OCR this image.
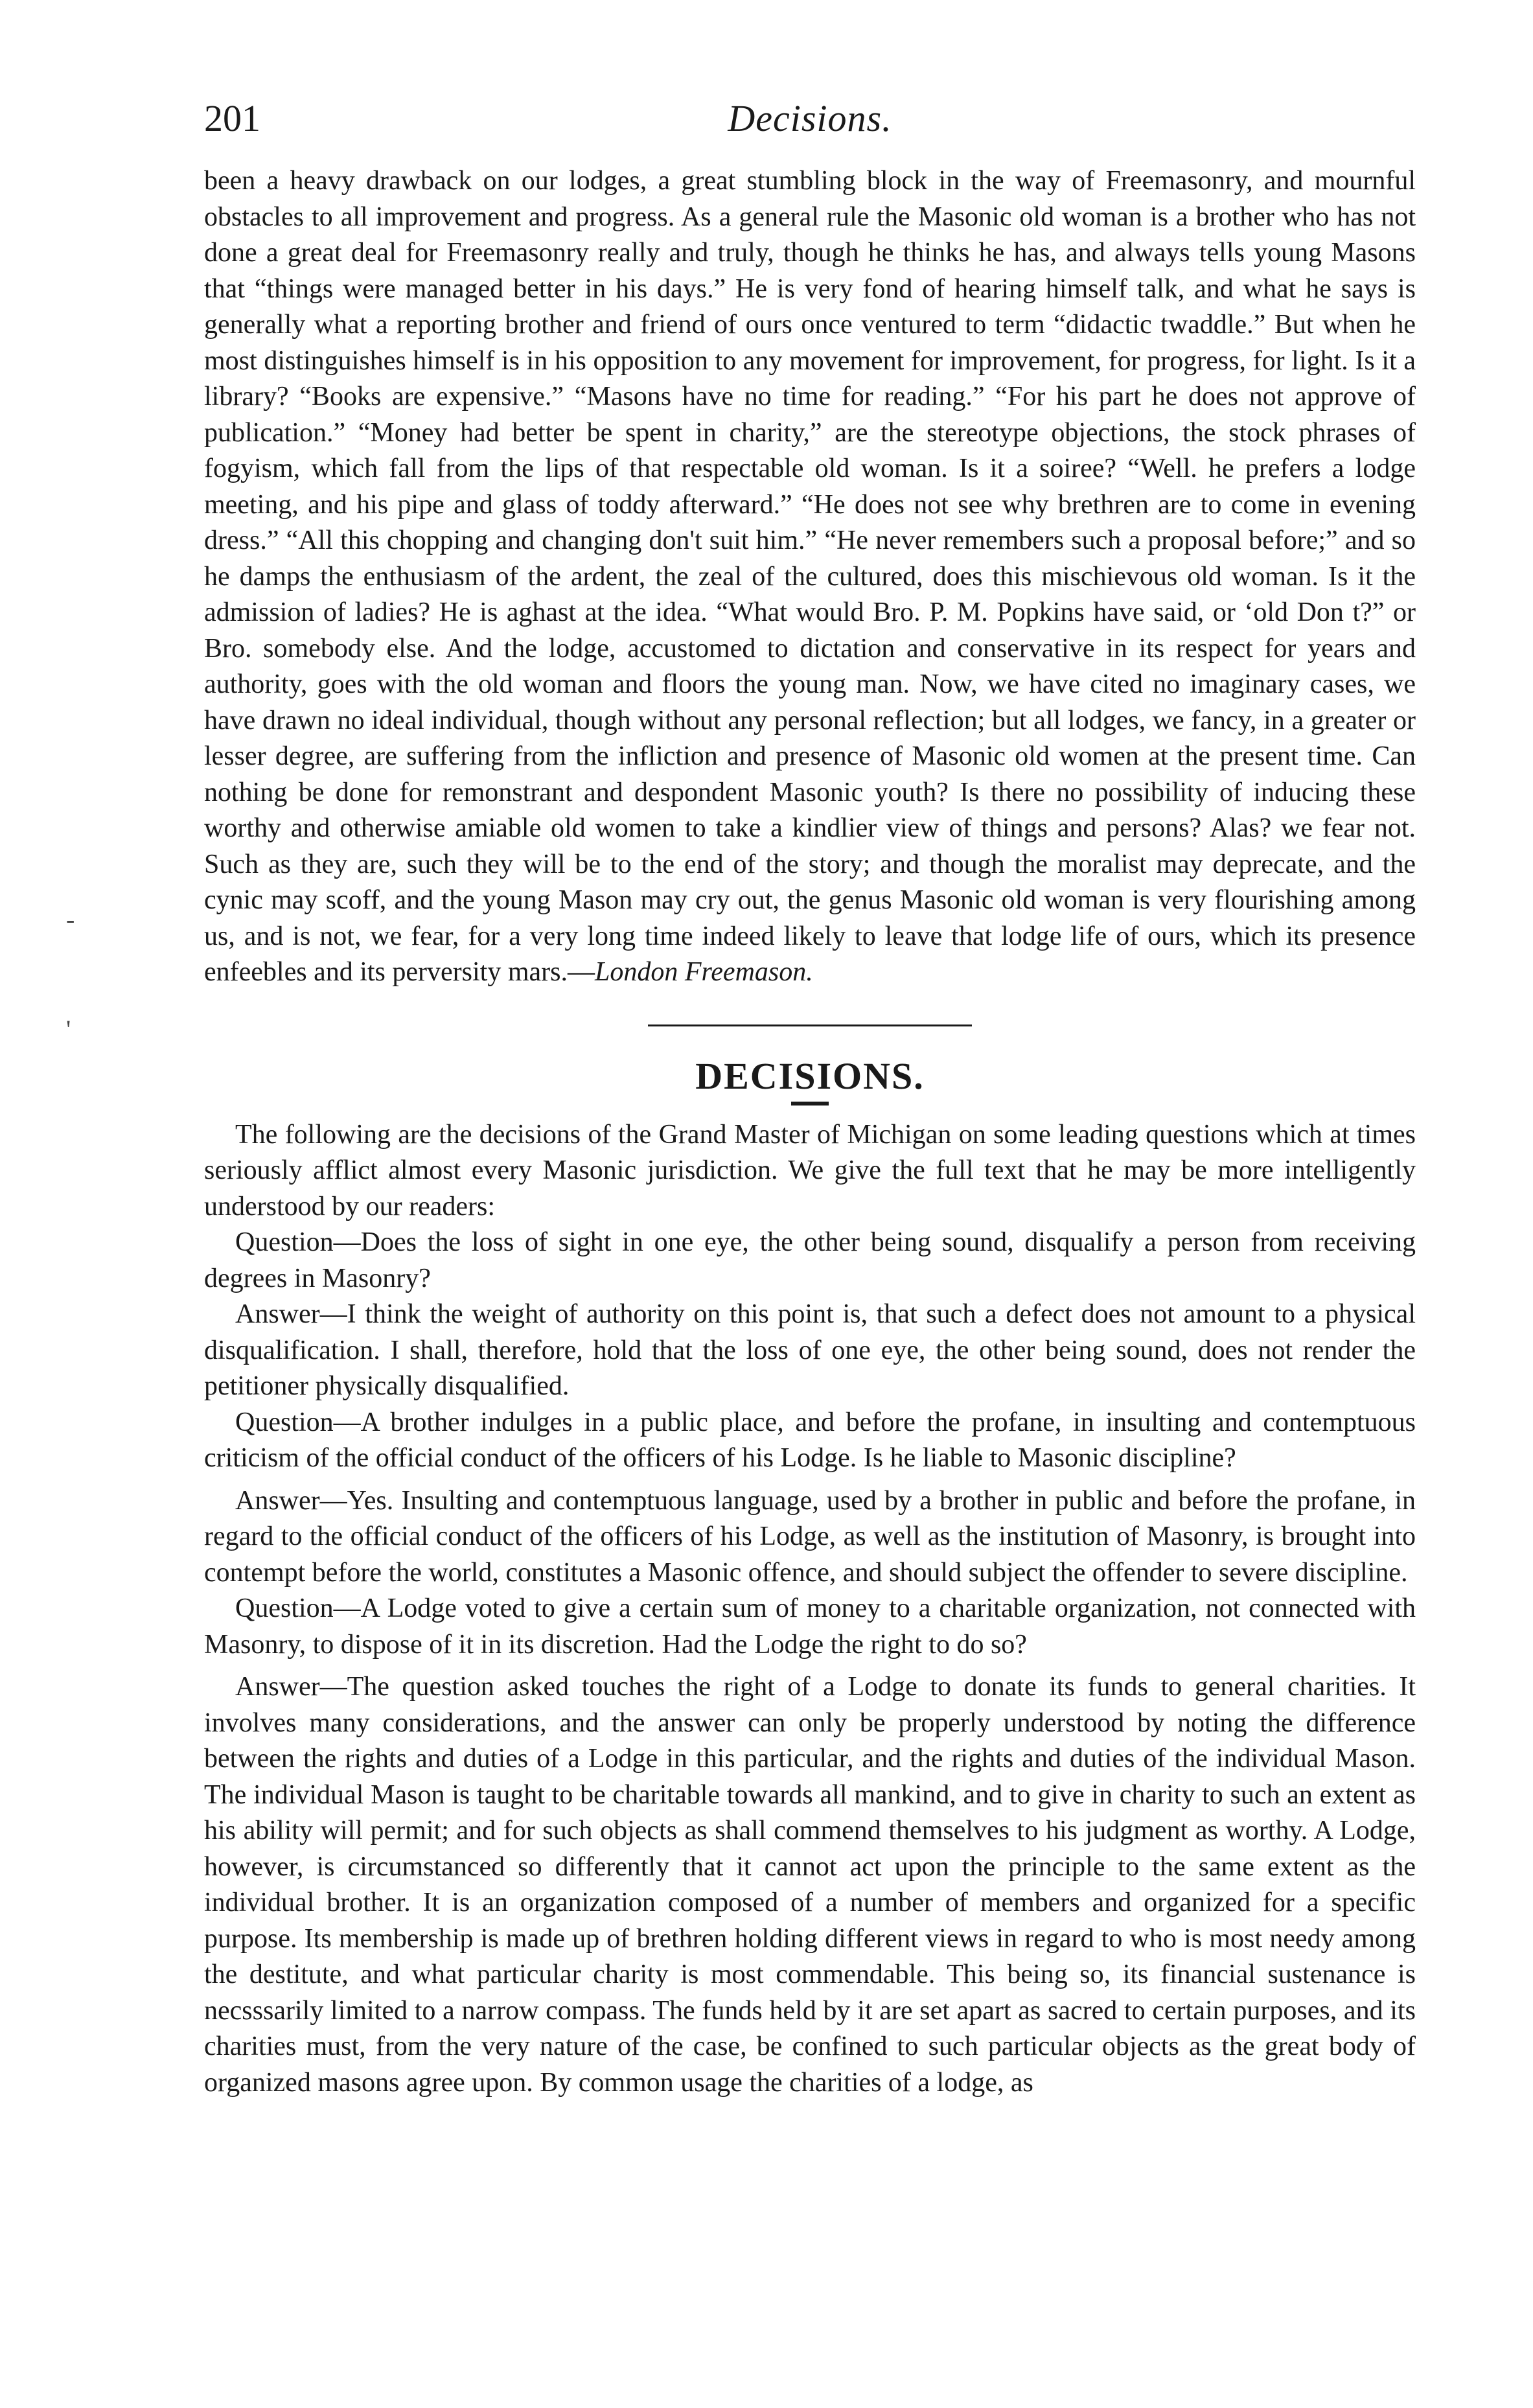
201	Decisions.
-
'

been a heavy drawback on our lodges, a great stumbling block in the way of Freemasonry, and mournful obstacles to all improvement and progress. As a general rule the Masonic old woman is a brother who has not done a great deal for Freemasonry really and truly, though he thinks he has, and always tells young Masons that “things were managed better in his days.” He is very fond of hearing himself talk, and what he says is generally what a reporting brother and friend of ours once ventured to term “didactic twaddle.” But when he most distinguishes himself is in his opposition to any movement for improvement, for progress, for light. Is it a library? “Books are expensive.” “Masons have no time for reading.” “For his part he does not approve of publication.” “Money had better be spent in charity,” are the stereotype objections, the stock phrases of fogyism, which fall from the lips of that respectable old woman. Is it a soiree? “Well. he prefers a lodge meeting, and his pipe and glass of toddy afterward.” “He does not see why brethren are to come in evening dress.” “All this chopping and changing don't suit him.” “He never remembers such a proposal before;” and so he damps the enthusiasm of the ardent, the zeal of the cultured, does this mischievous old woman. Is it the admission of ladies? He is aghast at the idea. “What would Bro. P. M. Popkins have said, or ‘old Don t?” or Bro. somebody else. And the lodge, accustomed to dictation and conservative in its respect for years and authority, goes with the old woman and floors the young man. Now, we have cited no imaginary cases, we have drawn no ideal individual, though without any personal reflection; but all lodges, we fancy, in a greater or lesser degree, are suffering from the infliction and presence of Masonic old women at the present time. Can nothing be done for remonstrant and despondent Masonic youth? Is there no possibility of inducing these worthy and otherwise amiable old women to take a kindlier view of things and persons? Alas? we fear not. Such as they are, such they will be to the end of the story; and though the moralist may deprecate, and the cynic may scoff, and the young Mason may cry out, the genus Masonic old woman is very flourishing among us, and is not, we fear, for a very long time indeed likely to leave that lodge life of ours, which its presence enfeebles and its perversity mars.—London Freemason.

DECISIONS.

The following are the decisions of the Grand Master of Michigan on some leading questions which at times seriously afflict almost every Masonic jurisdiction. We give the full text that he may be more intelligently understood by our readers:

Question—Does the loss of sight in one eye, the other being sound, disqualify a person from receiving degrees in Masonry?

Answer—I think the weight of authority on this point is, that such a defect does not amount to a physical disqualification. I shall, therefore, hold that the loss of one eye, the other being sound, does not render the petitioner physically disqualified.

Question—A brother indulges in a public place, and before the profane, in insulting and contemptuous criticism of the official conduct of the officers of his Lodge. Is he liable to Masonic discipline?

Answer—Yes. Insulting and contemptuous language, used by a brother in public and before the profane, in regard to the official conduct of the officers of his Lodge, as well as the institution of Masonry, is brought into contempt before the world, constitutes a Masonic offence, and should subject the offender to severe discipline.

Question—A Lodge voted to give a certain sum of money to a charitable organization, not connected with Masonry, to dispose of it in its discretion. Had the Lodge the right to do so?

Answer—The question asked touches the right of a Lodge to donate its funds to general charities. It involves many considerations, and the answer can only be properly understood by noting the difference between the rights and duties of a Lodge in this particular, and the rights and duties of the individual Mason. The individual Mason is taught to be charitable towards all mankind, and to give in charity to such an extent as his ability will permit; and for such objects as shall commend themselves to his judgment as worthy. A Lodge, however, is circumstanced so differently that it cannot act upon the principle to the same extent as the individual brother. It is an organization composed of a number of members and organized for a specific purpose. Its membership is made up of brethren holding different views in regard to who is most needy among the destitute, and what particular charity is most commendable. This being so, its financial sustenance is necsssarily limited to a narrow compass. The funds held by it are set apart as sacred to certain purposes, and its charities must, from the very nature of the case, be confined to such particular objects as the great body of organized masons agree upon. By common usage the charities of a lodge, as
